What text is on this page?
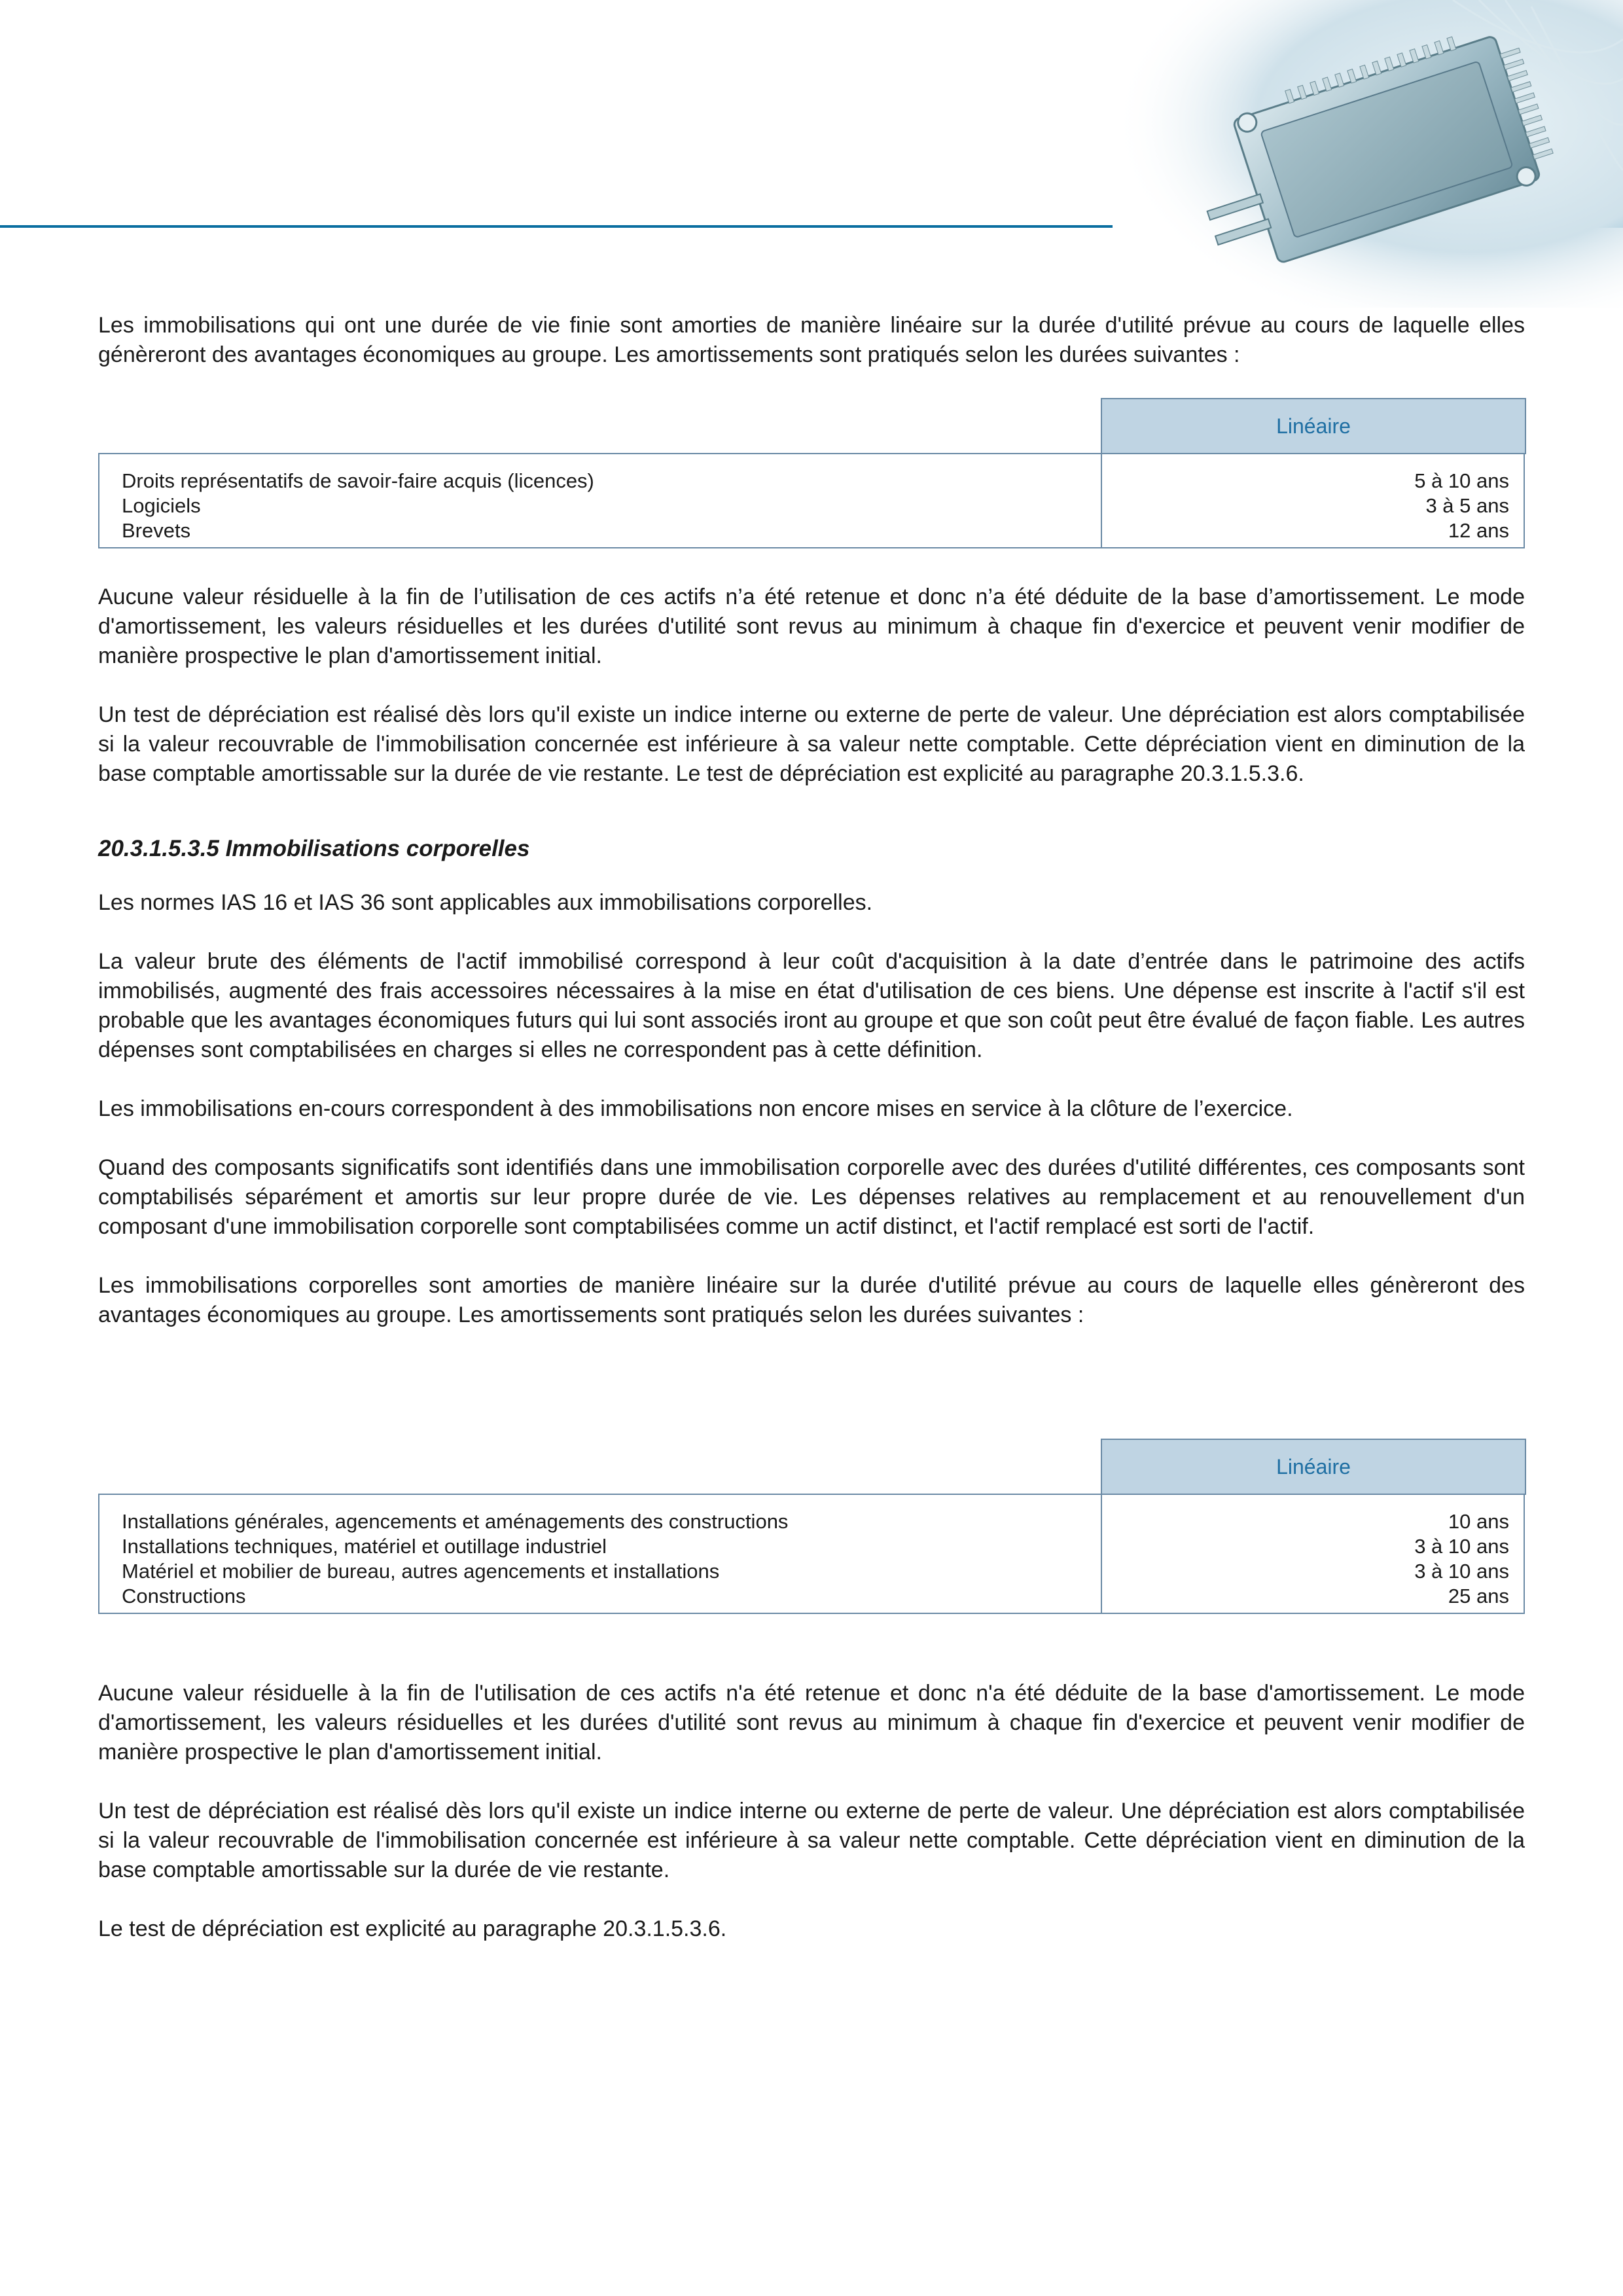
Les immobilisations qui ont une durée de vie finie sont amorties de manière linéaire sur la durée d'utilité prévue au cours de laquelle elles génèreront des avantages économiques au groupe. Les amortissements sont pratiqués selon les durées suivantes :

Linéaire
Droits représentatifs de savoir-faire acquis (licences)
Logiciels
Brevets
5 à 10 ans
3 à 5 ans
12 ans

Aucune valeur résiduelle à la fin de l’utilisation de ces actifs n’a été retenue et donc n’a été déduite de la base d’amortissement. Le mode d'amortissement, les valeurs résiduelles et les durées d'utilité sont revus au minimum à chaque fin d'exercice et peuvent venir modifier de manière prospective le plan d'amortissement initial.

Un test de dépréciation est réalisé dès lors qu'il existe un indice interne ou externe de perte de valeur. Une dépréciation est alors comptabilisée si la valeur recouvrable de l'immobilisation concernée est inférieure à sa valeur nette comptable. Cette dépréciation vient en diminution de la base comptable amortissable sur la durée de vie restante. Le test de dépréciation est explicité au paragraphe 20.3.1.5.3.6.

20.3.1.5.3.5 Immobilisations corporelles

Les normes IAS 16 et IAS 36 sont applicables aux immobilisations corporelles.

La valeur brute des éléments de l'actif immobilisé correspond à leur coût d'acquisition à la date d’entrée dans le patrimoine des actifs immobilisés, augmenté des frais accessoires nécessaires à la mise en état d'utilisation de ces biens. Une dépense est inscrite à l'actif s'il est probable que les avantages économiques futurs qui lui sont associés iront au groupe et que son coût peut être évalué de façon fiable. Les autres dépenses sont comptabilisées en charges si elles ne correspondent pas à cette définition.

Les immobilisations en-cours correspondent à des immobilisations non encore mises en service à la clôture de l’exercice.

Quand des composants significatifs sont identifiés dans une immobilisation corporelle avec des durées d'utilité différentes, ces composants sont comptabilisés séparément et amortis sur leur propre durée de vie. Les dépenses relatives au remplacement et au renouvellement d'un composant d'une immobilisation corporelle sont comptabilisées comme un actif distinct, et l'actif remplacé est sorti de l'actif.

Les immobilisations corporelles sont amorties de manière linéaire sur la durée d'utilité prévue au cours de laquelle elles génèreront des avantages économiques au groupe. Les amortissements sont pratiqués selon les durées suivantes :

Linéaire
Installations générales, agencements et aménagements des constructions
Installations techniques, matériel et outillage industriel
Matériel et mobilier de bureau, autres agencements et installations
Constructions
10 ans
3 à 10 ans
3 à 10 ans
25 ans

Aucune valeur résiduelle à la fin de l'utilisation de ces actifs n'a été retenue et donc n'a été déduite de la base d'amortissement. Le mode d'amortissement, les valeurs résiduelles et les durées d'utilité sont revus au minimum à chaque fin d'exercice et peuvent venir modifier de manière prospective le plan d'amortissement initial.

Un test de dépréciation est réalisé dès lors qu'il existe un indice interne ou externe de perte de valeur. Une dépréciation est alors comptabilisée si la valeur recouvrable de l'immobilisation concernée est inférieure à sa valeur nette comptable. Cette dépréciation vient en diminution de la base comptable amortissable sur la durée de vie restante.

Le test de dépréciation est explicité au paragraphe 20.3.1.5.3.6.
